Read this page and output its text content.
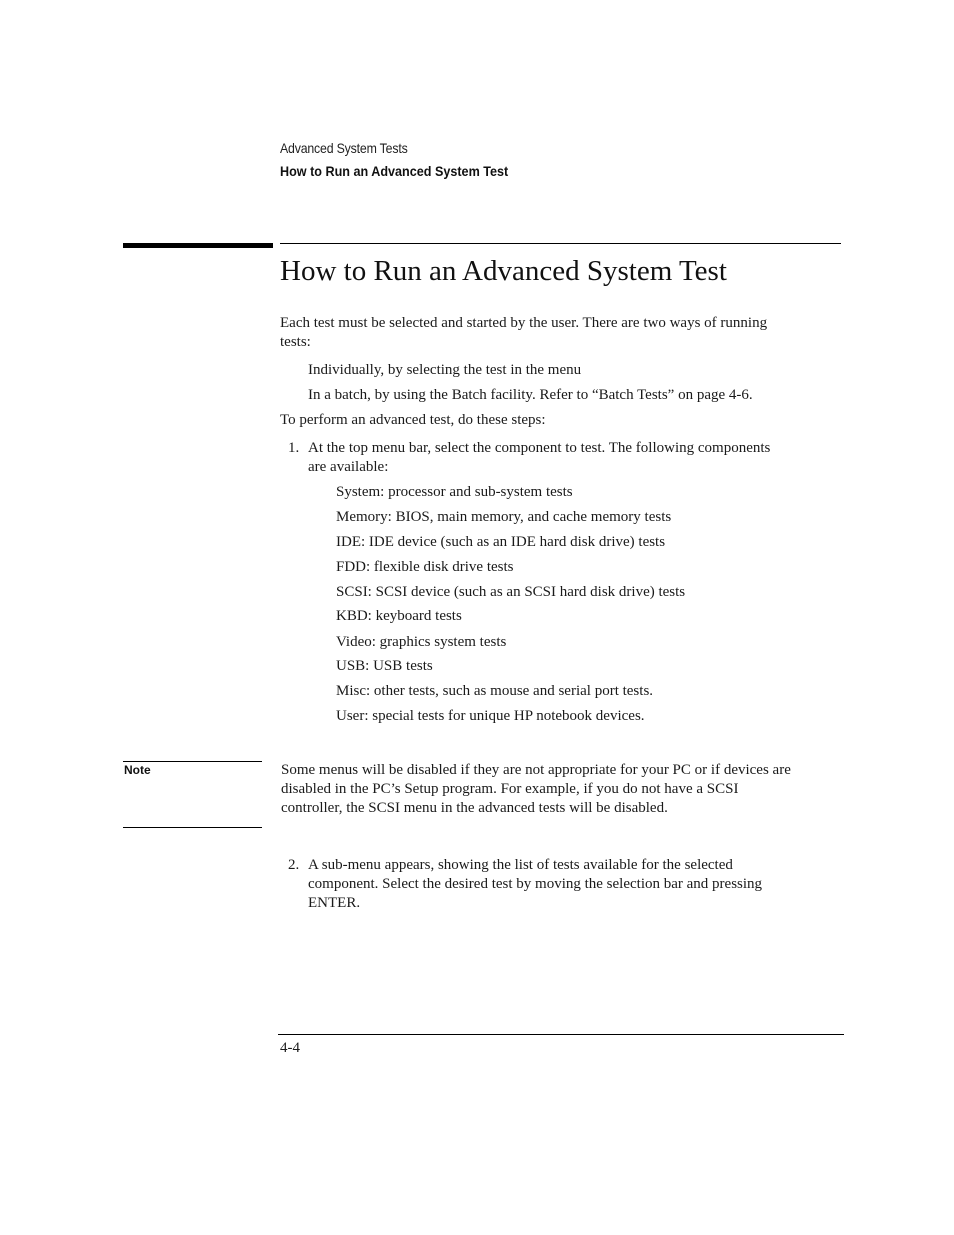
Advanced System Tests
How to Run an Advanced System Test
How to Run an Advanced System Test
Each test must be selected and started by the user. There are two ways of running
tests:
Individually, by selecting the test in the menu
In a batch, by using the Batch facility. Refer to “Batch Tests” on page 4-6.
To perform an advanced test, do these steps:
1. At the top menu bar, select the component to test. The following components
are available:
System: processor and sub-system tests
Memory: BIOS, main memory, and cache memory tests
IDE: IDE device (such as an IDE hard disk drive) tests
FDD: flexible disk drive tests
SCSI: SCSI device (such as an SCSI hard disk drive) tests
KBD: keyboard tests
Video: graphics system tests
USB: USB tests
Misc: other tests, such as mouse and serial port tests.
User: special tests for unique HP notebook devices.
Note	Some menus will be disabled if they are not appropriate for your PC or if devices are
disabled in the PC’s Setup program. For example, if you do not have a SCSI
controller, the SCSI menu in the advanced tests will be disabled.
2. A sub-menu appears, showing the list of tests available for the selected
component. Select the desired test by moving the selection bar and pressing
ENTER.
4-4
